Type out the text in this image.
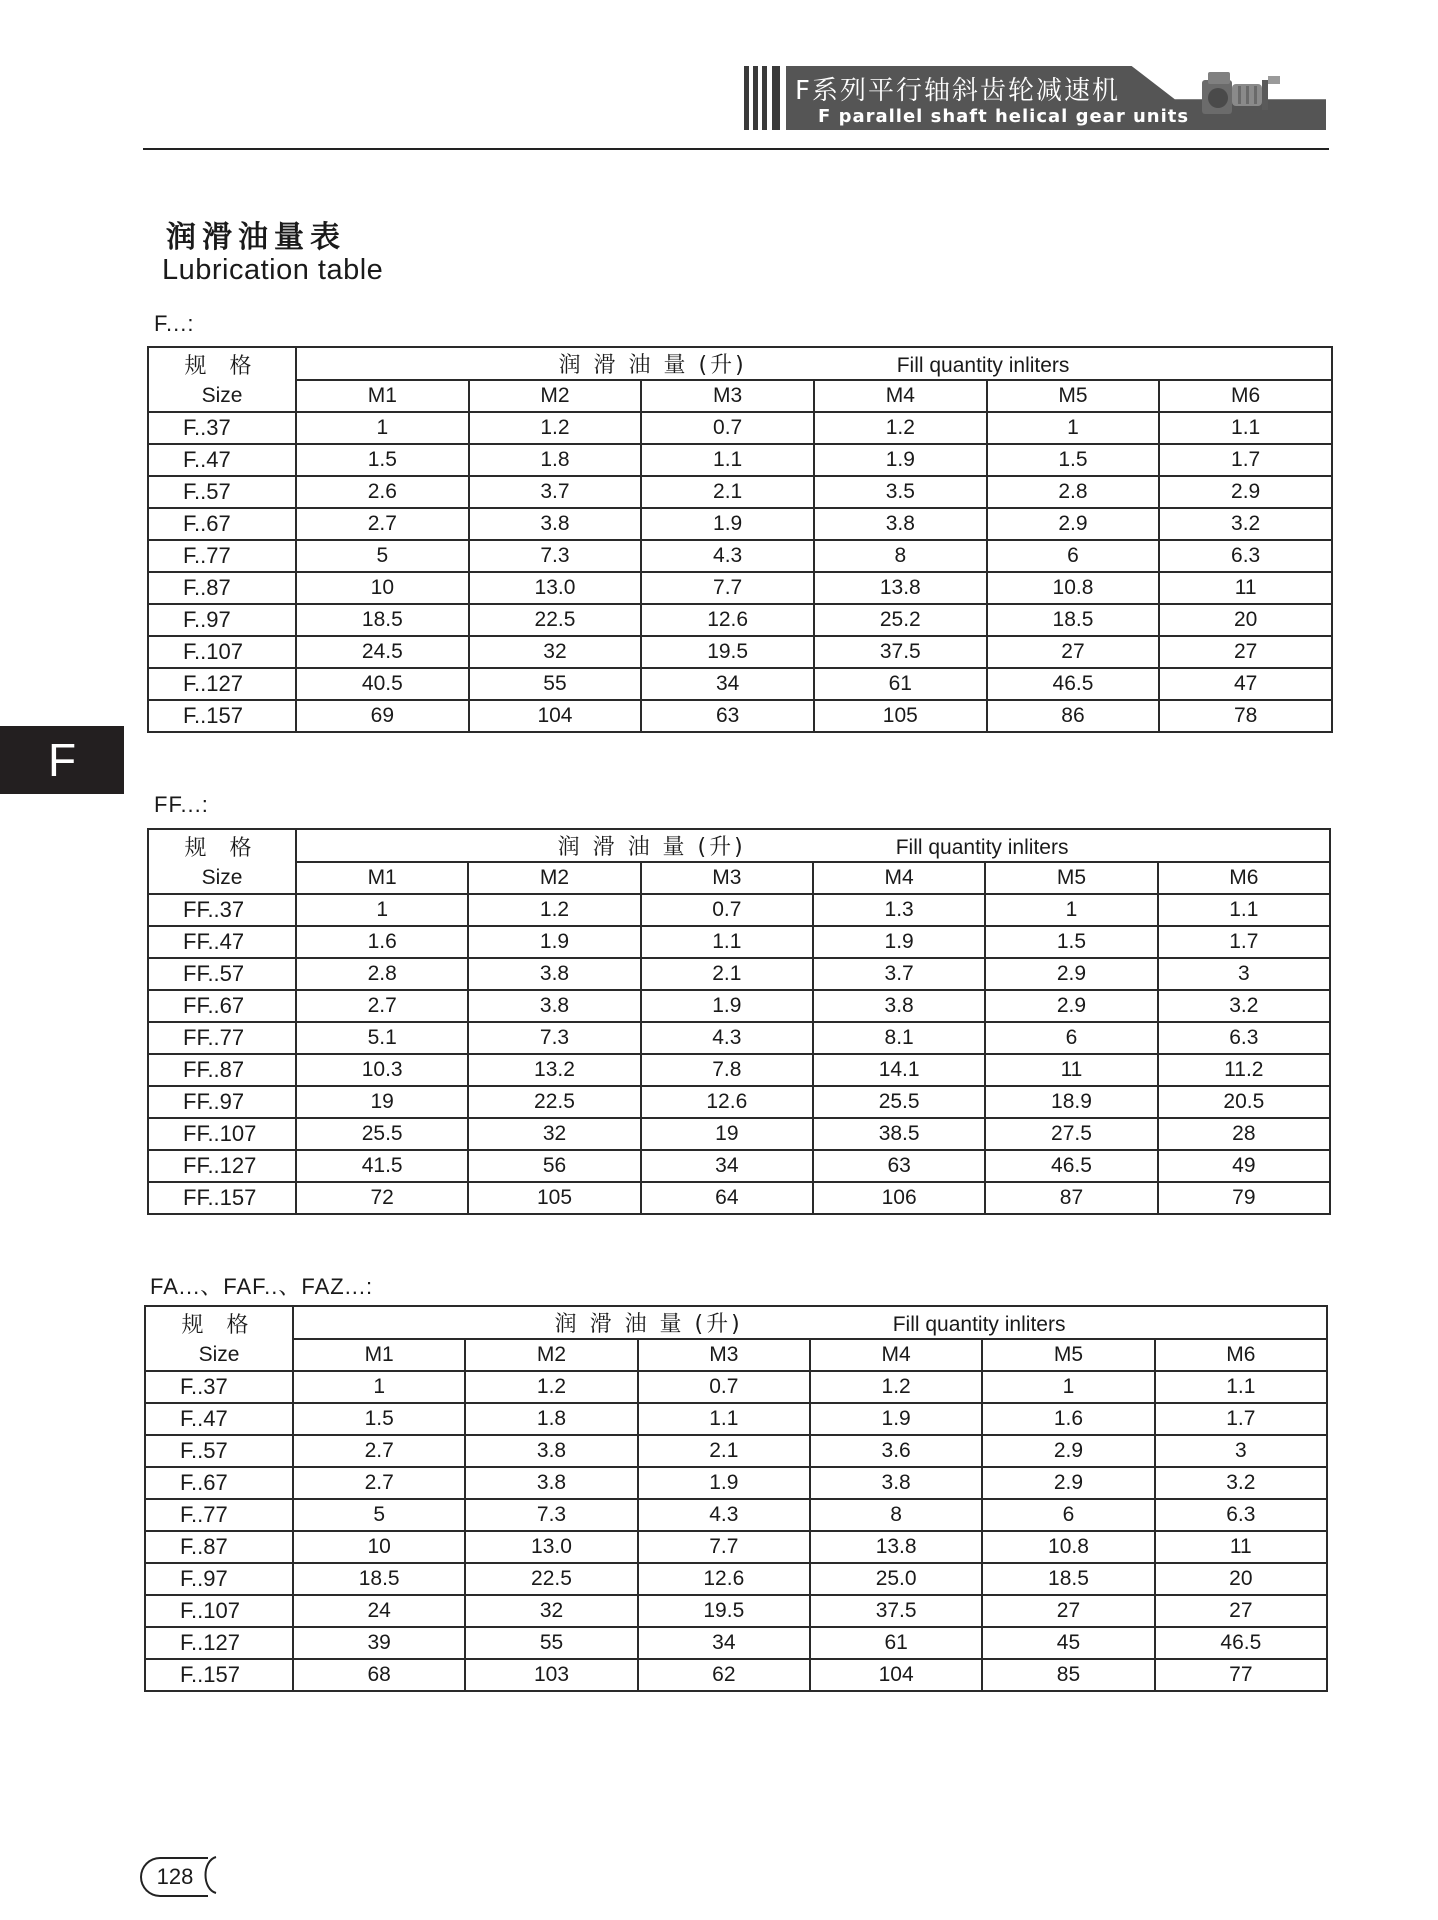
F系列平行轴斜齿轮减速机
F parallel shaft helical gear units
F
润滑油量表
Lubrication table
F...:
规 格	润 滑 油 量 (升) Fill quantity inliters					
Size	M1	M2	M3	M4	M5	M6
F..37	1	1.2	0.7	1.2	1	1.1
F..47	1.5	1.8	1.1	1.9	1.5	1.7
F..57	2.6	3.7	2.1	3.5	2.8	2.9
F..67	2.7	3.8	1.9	3.8	2.9	3.2
F..77	5	7.3	4.3	8	6	6.3
F..87	10	13.0	7.7	13.8	10.8	11
F..97	18.5	22.5	12.6	25.2	18.5	20
F..107	24.5	32	19.5	37.5	27	27
F..127	40.5	55	34	61	46.5	47
F..157	69	104	63	105	86	78
FF...:
规 格	润 滑 油 量 (升) Fill quantity inliters					
Size	M1	M2	M3	M4	M5	M6
FF..37	1	1.2	0.7	1.3	1	1.1
FF..47	1.6	1.9	1.1	1.9	1.5	1.7
FF..57	2.8	3.8	2.1	3.7	2.9	3
FF..67	2.7	3.8	1.9	3.8	2.9	3.2
FF..77	5.1	7.3	4.3	8.1	6	6.3
FF..87	10.3	13.2	7.8	14.1	11	11.2
FF..97	19	22.5	12.6	25.5	18.9	20.5
FF..107	25.5	32	19	38.5	27.5	28
FF..127	41.5	56	34	63	46.5	49
FF..157	72	105	64	106	87	79
FA...、FAF..、FAZ...:
规 格	润 滑 油 量 (升) Fill quantity inliters					
Size	M1	M2	M3	M4	M5	M6
F..37	1	1.2	0.7	1.2	1	1.1
F..47	1.5	1.8	1.1	1.9	1.6	1.7
F..57	2.7	3.8	2.1	3.6	2.9	3
F..67	2.7	3.8	1.9	3.8	2.9	3.2
F..77	5	7.3	4.3	8	6	6.3
F..87	10	13.0	7.7	13.8	10.8	11
F..97	18.5	22.5	12.6	25.0	18.5	20
F..107	24	32	19.5	37.5	27	27
F..127	39	55	34	61	45	46.5
F..157	68	103	62	104	85	77
128
